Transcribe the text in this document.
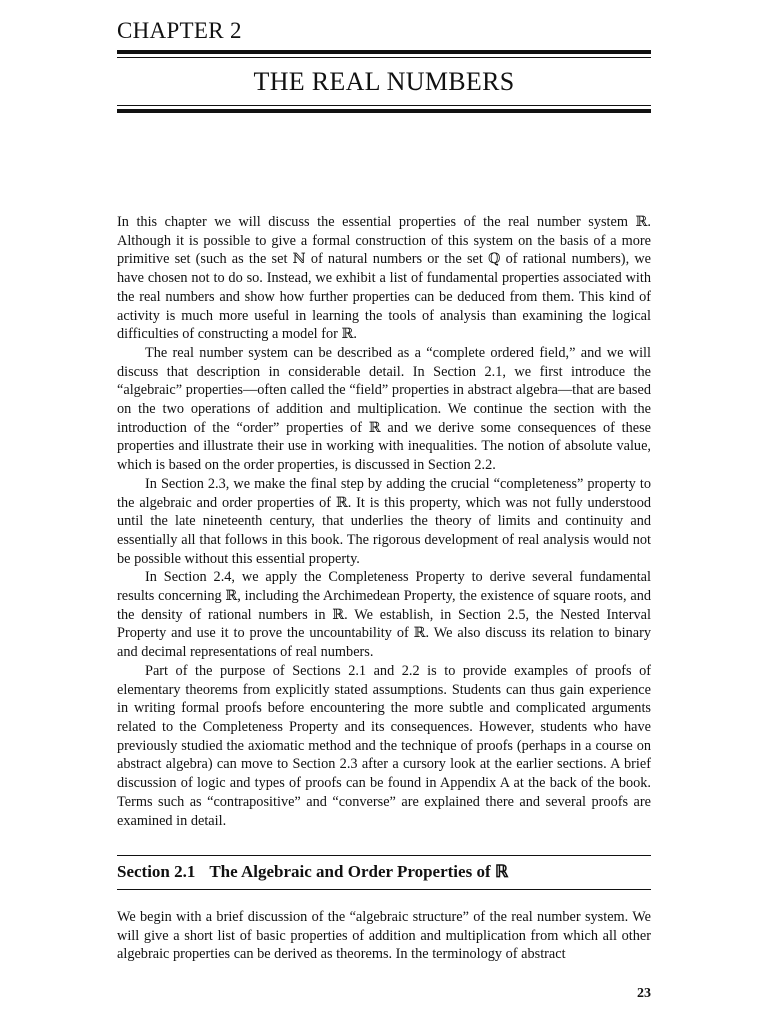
CHAPTER 2
THE REAL NUMBERS

In this chapter we will discuss the essential properties of the real number system ℝ. Although it is possible to give a formal construction of this system on the basis of a more primitive set (such as the set ℕ of natural numbers or the set ℚ of rational numbers), we have chosen not to do so. Instead, we exhibit a list of fundamental properties associated with the real numbers and show how further properties can be deduced from them. This kind of activity is much more useful in learning the tools of analysis than examining the logical difficulties of constructing a model for ℝ.

The real number system can be described as a “complete ordered field,” and we will discuss that description in considerable detail. In Section 2.1, we first introduce the “algebraic” properties—often called the “field” properties in abstract algebra—that are based on the two operations of addition and multiplication. We continue the section with the introduction of the “order” properties of ℝ and we derive some consequences of these properties and illustrate their use in working with inequalities. The notion of absolute value, which is based on the order properties, is discussed in Section 2.2.

In Section 2.3, we make the final step by adding the crucial “completeness” property to the algebraic and order properties of ℝ. It is this property, which was not fully understood until the late nineteenth century, that underlies the theory of limits and continuity and essentially all that follows in this book. The rigorous development of real analysis would not be possible without this essential property.

In Section 2.4, we apply the Completeness Property to derive several fundamental results concerning ℝ, including the Archimedean Property, the existence of square roots, and the density of rational numbers in ℝ. We establish, in Section 2.5, the Nested Interval Property and use it to prove the uncountability of ℝ. We also discuss its relation to binary and decimal representations of real numbers.

Part of the purpose of Sections 2.1 and 2.2 is to provide examples of proofs of elementary theorems from explicitly stated assumptions. Students can thus gain experience in writing formal proofs before encountering the more subtle and complicated arguments related to the Completeness Property and its consequences. However, students who have previously studied the axiomatic method and the technique of proofs (perhaps in a course on abstract algebra) can move to Section 2.3 after a cursory look at the earlier sections. A brief discussion of logic and types of proofs can be found in Appendix A at the back of the book. Terms such as “contrapositive” and “converse” are explained there and several proofs are examined in detail.

Section 2.1 The Algebraic and Order Properties of ℝ

We begin with a brief discussion of the “algebraic structure” of the real number system. We will give a short list of basic properties of addition and multiplication from which all other algebraic properties can be derived as theorems. In the terminology of abstract

23
